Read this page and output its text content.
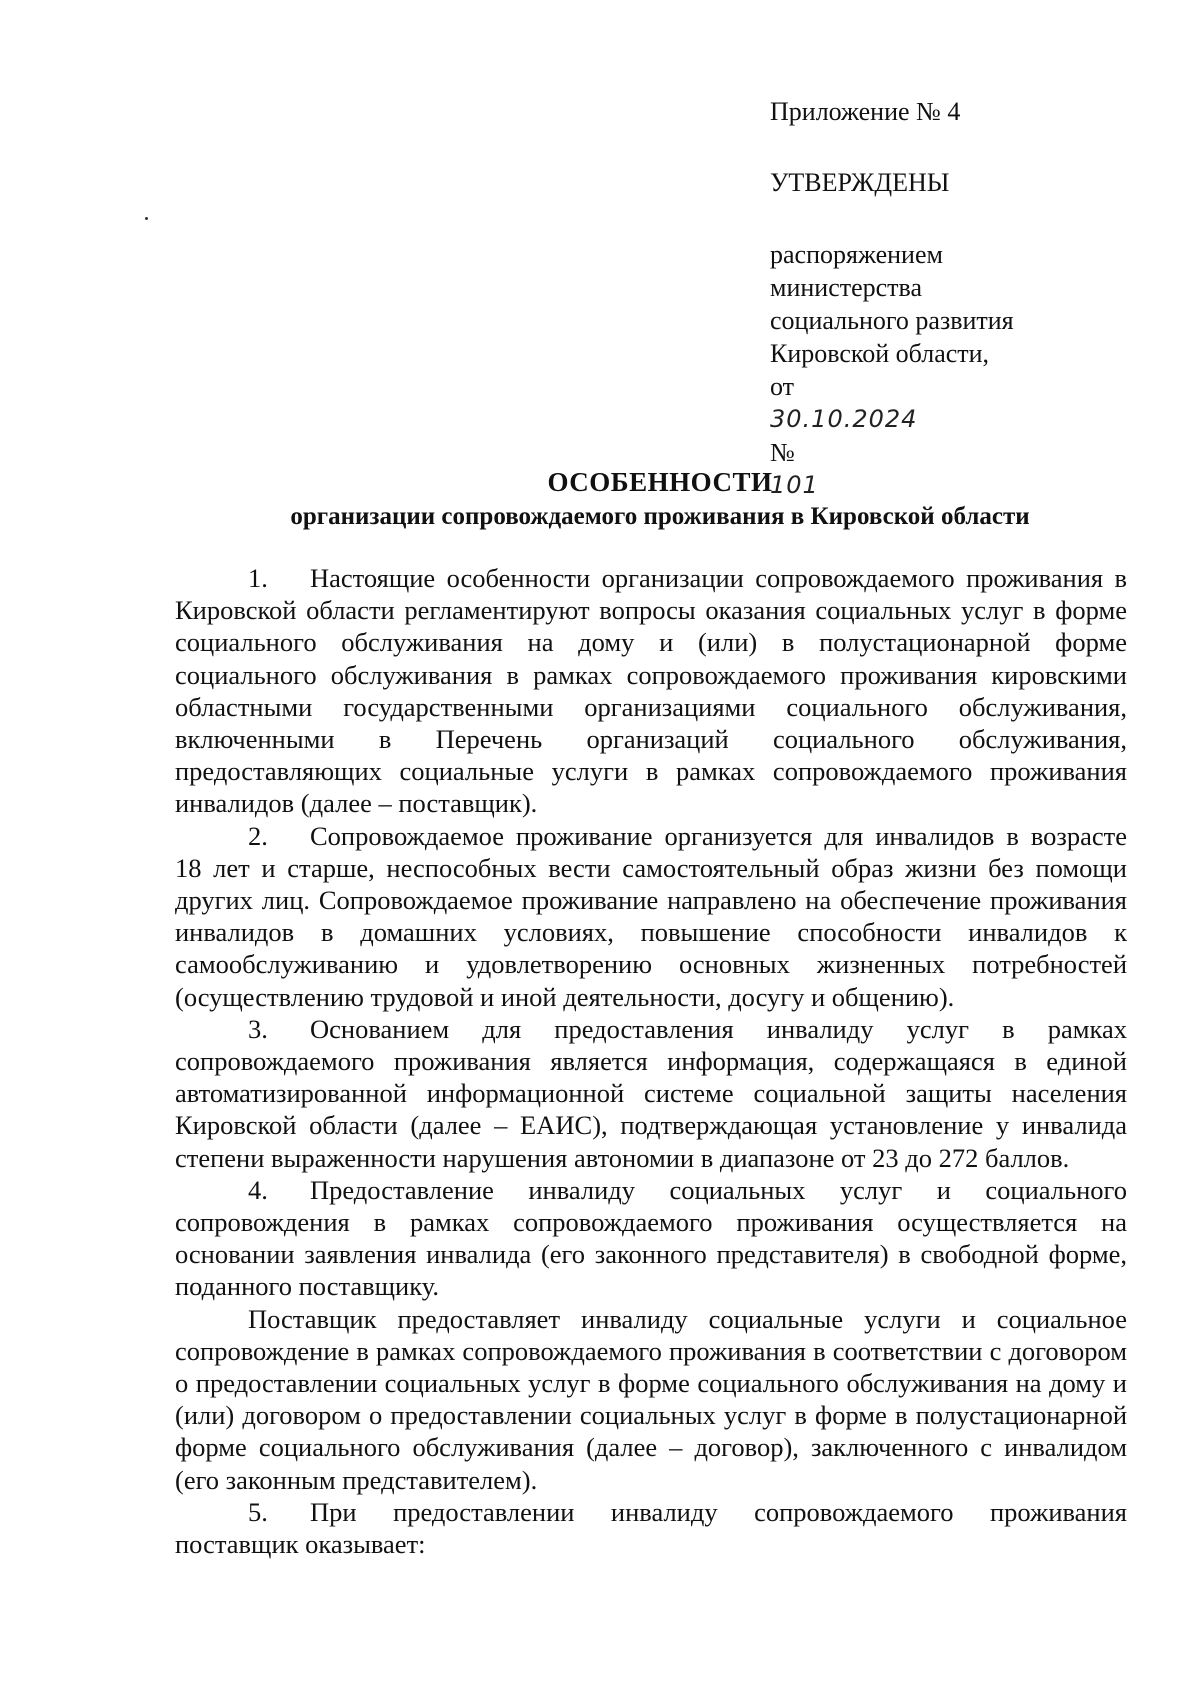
Приложение № 4

УТВЕРЖДЕНЫ

распоряжением
министерства
социального развития
Кировской области,
от
30.10.2024
№
101

ОСОБЕННОСТИ
организации сопровождаемого проживания в Кировской области

1. Настоящие особенности организации сопровождаемого проживания в Кировской области регламентируют вопросы оказания социальных услуг в форме социального обслуживания на дому и (или) в полустационарной форме социального обслуживания в рамках сопровождаемого проживания кировскими областными государственными организациями социального обслуживания, включенными в Перечень организаций социального обслуживания, предоставляющих социальные услуги в рамках сопровождаемого проживания инвалидов (далее – поставщик).

2. Сопровождаемое проживание организуется для инвалидов в возрасте 18 лет и старше, неспособных вести самостоятельный образ жизни без помощи других лиц. Сопровождаемое проживание направлено на обеспечение проживания инвалидов в домашних условиях, повышение способности инвалидов к самообслуживанию и удовлетворению основных жизненных потребностей (осуществлению трудовой и иной деятельности, досугу и общению).

3. Основанием для предоставления инвалиду услуг в рамках сопровождаемого проживания является информация, содержащаяся в единой автоматизированной информационной системе социальной защиты населения Кировской области (далее – ЕАИС), подтверждающая установление у инвалида степени выраженности нарушения автономии в диапазоне от 23 до 272 баллов.

4. Предоставление инвалиду социальных услуг и социального сопровождения в рамках сопровождаемого проживания осуществляется на основании заявления инвалида (его законного представителя) в свободной форме, поданного поставщику.

Поставщик предоставляет инвалиду социальные услуги и социальное сопровождение в рамках сопровождаемого проживания в соответствии с договором о предоставлении социальных услуг в форме социального обслуживания на дому и (или) договором о предоставлении социальных услуг в форме в полустационарной форме социального обслуживания (далее – договор), заключенного с инвалидом (его законным представителем).

5. При предоставлении инвалиду сопровождаемого проживания поставщик оказывает:
